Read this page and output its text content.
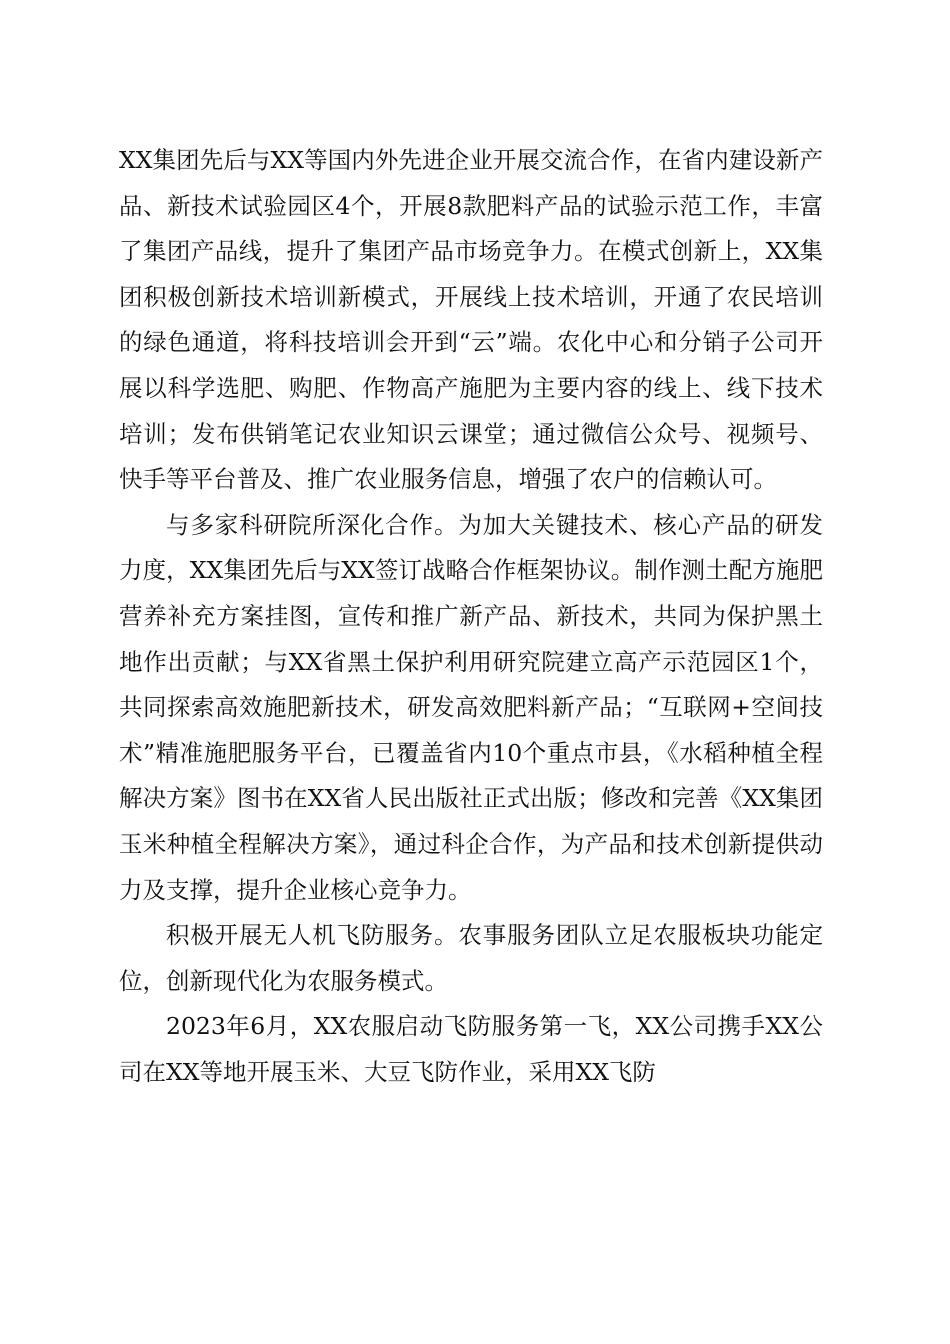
XX集团先后与XX等国内外先进企业开展交流合作，在省内建设新产品、新技术试验园区4个，开展8款肥料产品的试验示范工作，丰富了集团产品线，提升了集团产品市场竞争力。在模式创新上，XX集团积极创新技术培训新模式，开展线上技术培训，开通了农民培训的绿色通道，将科技培训会开到“云”端。农化中心和分销子公司开展以科学选肥、购肥、作物高产施肥为主要内容的线上、线下技术培训；发布供销笔记农业知识云课堂；通过微信公众号、视频号、快手等平台普及、推广农业服务信息，增强了农户的信赖认可。

与多家科研院所深化合作。为加大关键技术、核心产品的研发力度，XX集团先后与XX签订战略合作框架协议。制作测土配方施肥营养补充方案挂图，宣传和推广新产品、新技术，共同为保护黑土地作出贡献；与XX省黑土保护利用研究院建立高产示范园区1个，共同探索高效施肥新技术，研发高效肥料新产品；“互联网+空间技术”精准施肥服务平台，已覆盖省内10个重点市县，《水稻种植全程解决方案》图书在XX省人民出版社正式出版；修改和完善《XX集团玉米种植全程解决方案》，通过科企合作，为产品和技术创新提供动力及支撑，提升企业核心竞争力。

积极开展无人机飞防服务。农事服务团队立足农服板块功能定位，创新现代化为农服务模式。

2023年6月，XX农服启动飞防服务第一飞，XX公司携手XX公司在XX等地开展玉米、大豆飞防作业，采用XX飞防
